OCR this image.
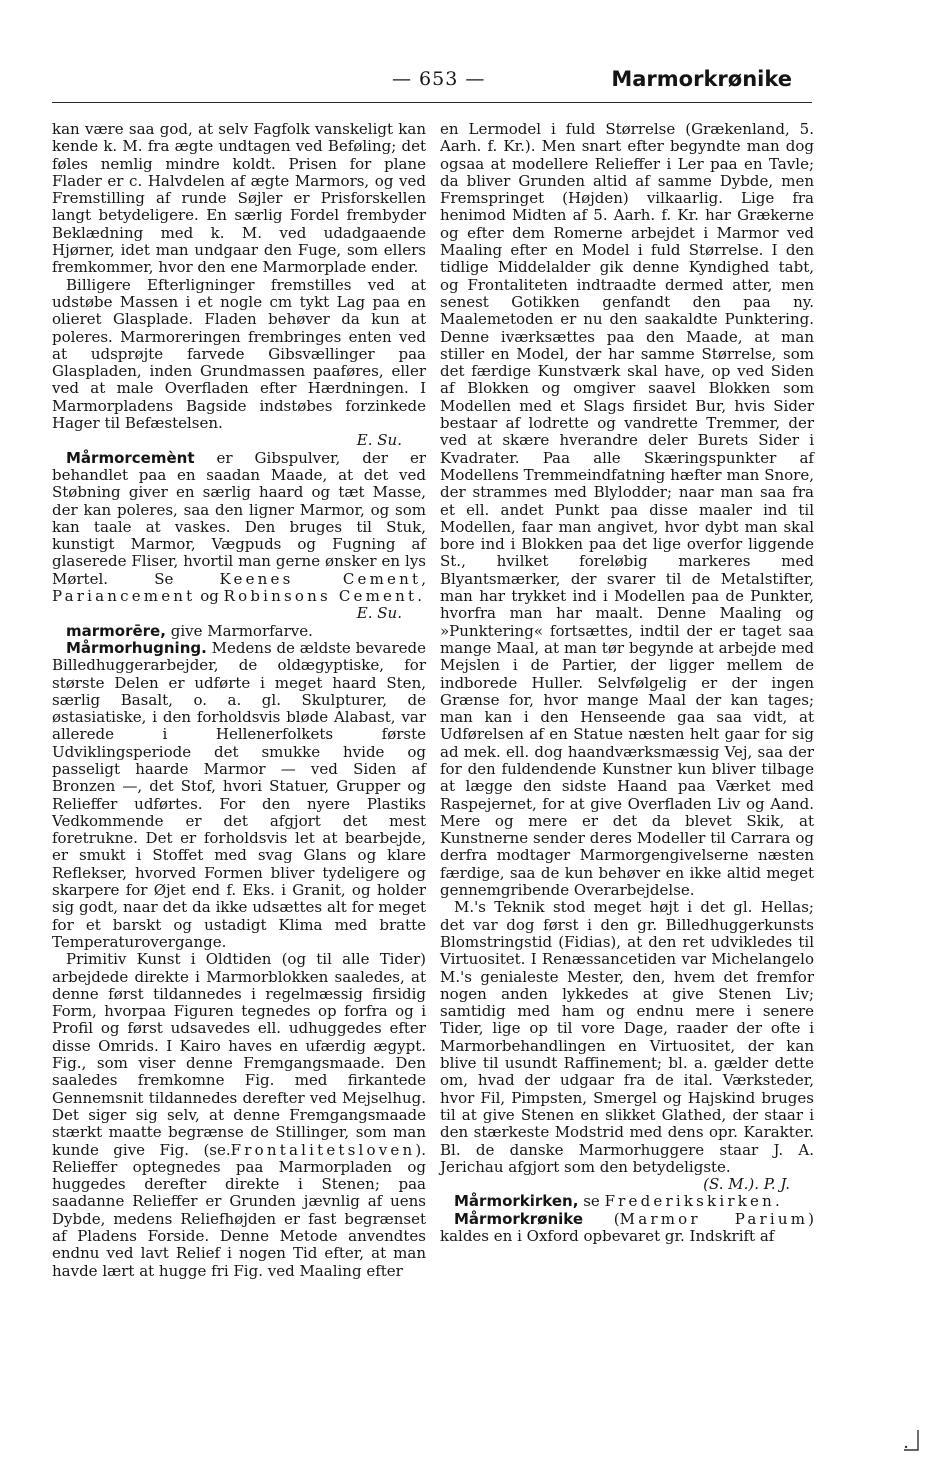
— 653 —	Marmorkrønike

kan være saa god, at selv Fagfolk vanskeligt kan kende k. M. fra ægte undtagen ved Beføling; det føles nemlig mindre koldt. Prisen for plane Flader er c. Halvdelen af ægte Marmors, og ved Fremstilling af runde Søjler er Prisforskellen langt betydeligere. En særlig Fordel frembyder Beklædning med k. M. ved udadgaaende Hjørner, idet man undgaar den Fuge, som ellers fremkommer, hvor den ene Marmorplade ender.

Billigere Efterligninger fremstilles ved at udstøbe Massen i et nogle cm tykt Lag paa en olieret Glasplade. Fladen behøver da kun at poleres. Marmoreringen frembringes enten ved at udsprøjte farvede Gibsvællinger paa Glaspladen, inden Grundmassen paaføres, eller ved at male Overfladen efter Hærdningen. I Marmorpladens Bagside indstøbes forzinkede Hager til Befæstelsen.

E. Su.

Mårmorcemènt er Gibspulver, der er behandlet paa en saadan Maade, at det ved Støbning giver en særlig haard og tæt Masse, der kan poleres, saa den ligner Marmor, og som kan taale at vaskes. Den bruges til Stuk, kunstigt Marmor, Vægpuds og Fugning af glaserede Fliser, hvortil man gerne ønsker en lys Mørtel. Se	Keenes Cement, Pariancement og Robinsons Cement.

E. Su.

marmorēre, give Marmorfarve.

Mårmorhugning. Medens de ældste bevarede Billedhuggerarbejder, de oldægyptiske, for største Delen er udførte i meget haard Sten, særlig Basalt, o. a. gl. Skulpturer, de østasiatiske, i den forholdsvis bløde Alabast, var allerede i Hellenerfolkets første Udviklingsperiode det smukke hvide og passeligt haarde Marmor — ved Siden af Bronzen —, det Stof, hvori Statuer, Grupper og Relieffer udførtes. For den nyere Plastiks Vedkommende er det afgjort det mest foretrukne. Det er forholdsvis let at bearbejde, er smukt i Stoffet med svag Glans og klare Reflekser, hvorved Formen bliver tydeligere og skarpere for Øjet end f. Eks. i Granit, og holder sig godt, naar det da ikke udsættes alt for meget for et barskt og ustadigt Klima med bratte Temperaturovergange.

Primitiv Kunst i Oldtiden (og til alle Tider) arbejdede direkte i Marmorblokken saaledes, at denne først tildannedes i regelmæssig firsidig Form, hvorpaa Figuren tegnedes op forfra og i Profil og først udsavedes ell. udhuggedes efter disse Omrids. I Kairo haves en ufærdig ægypt. Fig., som viser denne Fremgangsmaade. Den saaledes fremkomne Fig. med firkantede Gennemsnit tildannedes derefter ved Mejselhug. Det siger sig selv, at denne Fremgangsmaade stærkt maatte begrænse de Stillinger, som man kunde give Fig. (se.Frontalitetsloven). Relieffer optegnedes paa Marmorpladen og huggedes derefter direkte i Stenen; paa saadanne Relieffer er Grunden jævnlig af uens Dybde, medens Reliefhøjden er fast begrænset af Pladens Forside. Denne Metode anvendtes endnu ved lavt Relief i nogen Tid efter, at man havde lært at hugge fri Fig. ved Maaling efter

en Lermodel i fuld Størrelse (Grækenland, 5. Aarh. f. Kr.). Men snart efter begyndte man dog ogsaa at modellere Relieffer i Ler paa en Tavle; da bliver Grunden altid af samme Dybde, men Fremspringet (Højden) vilkaarlig. Lige fra henimod Midten af 5. Aarh. f. Kr. har Grækerne og efter dem Romerne arbejdet i Marmor ved Maaling efter en Model i fuld Størrelse. I den tidlige Middelalder gik denne Kyndighed tabt, og Frontaliteten indtraadte dermed atter, men senest Gotikken genfandt den paa ny. Maalemetoden er nu den saakaldte Punktering. Denne iværksættes paa den Maade, at man stiller en Model, der har samme Størrelse, som det færdige Kunstværk skal have, op ved Siden af Blokken og omgiver saavel Blokken som Modellen med et Slags firsidet Bur, hvis Sider bestaar af lodrette og vandrette Tremmer, der ved at skære hverandre deler Burets Sider i Kvadrater. Paa alle Skæringspunkter af Modellens Tremmeindfatning hæfter man Snore, der strammes med Blylodder; naar man saa fra et ell. andet Punkt paa disse maaler ind til Modellen, faar man angivet, hvor dybt man skal bore ind i Blokken paa det lige overfor liggende St., hvilket foreløbig markeres med Blyantsmærker, der svarer til de Metalstifter, man har trykket ind i Modellen paa de Punkter, hvorfra man har maalt. Denne Maaling og »Punktering« fortsættes, indtil der er taget saa mange Maal, at man tør begynde at arbejde med Mejslen i de Partier, der ligger mellem de indborede Huller. Selvfølgelig er der ingen Grænse for, hvor mange Maal der kan tages; man kan i den Henseende gaa saa vidt, at Udførelsen af en Statue næsten helt gaar for sig ad mek. ell. dog haandværksmæssig Vej, saa der for den fuldendende Kunstner kun bliver tilbage at lægge den sidste Haand paa Værket med Raspejernet, for at give Overfladen Liv og Aand. Mere og mere er det da blevet Skik, at Kunstnerne sender deres Modeller til Carrara og derfra modtager Marmorgengivelserne næsten færdige, saa de kun behøver en ikke altid meget gennemgribende Overarbejdelse.

M.'s Teknik stod meget højt i det gl. Hellas; det var dog først i den gr. Billedhuggerkunsts Blomstringstid (Fidias), at den ret udvikledes til Virtuositet. I Renæssancetiden var Michelangelo M.'s genialeste Mester, den, hvem det fremfor nogen anden lykkedes at give Stenen Liv; samtidig med ham og endnu mere i senere Tider, lige op til vore Dage, raader der ofte i Marmorbehandlingen en Virtuositet, der kan blive til usundt Raffinement; bl. a. gælder dette om, hvad der udgaar fra de ital. Værksteder, hvor Fil, Pimpsten, Smergel og Hajskind bruges til at give Stenen en slikket Glathed, der staar i den stærkeste Modstrid med dens opr. Karakter. Bl. de danske Marmorhuggere staar J. A. Jerichau afgjort som den betydeligste.

(S. M.). P. J.

Mårmorkirken, se Frederikskirken.

Mårmorkrønike (Marmor Parium) kaldes en i Oxford opbevaret gr. Indskrift af
